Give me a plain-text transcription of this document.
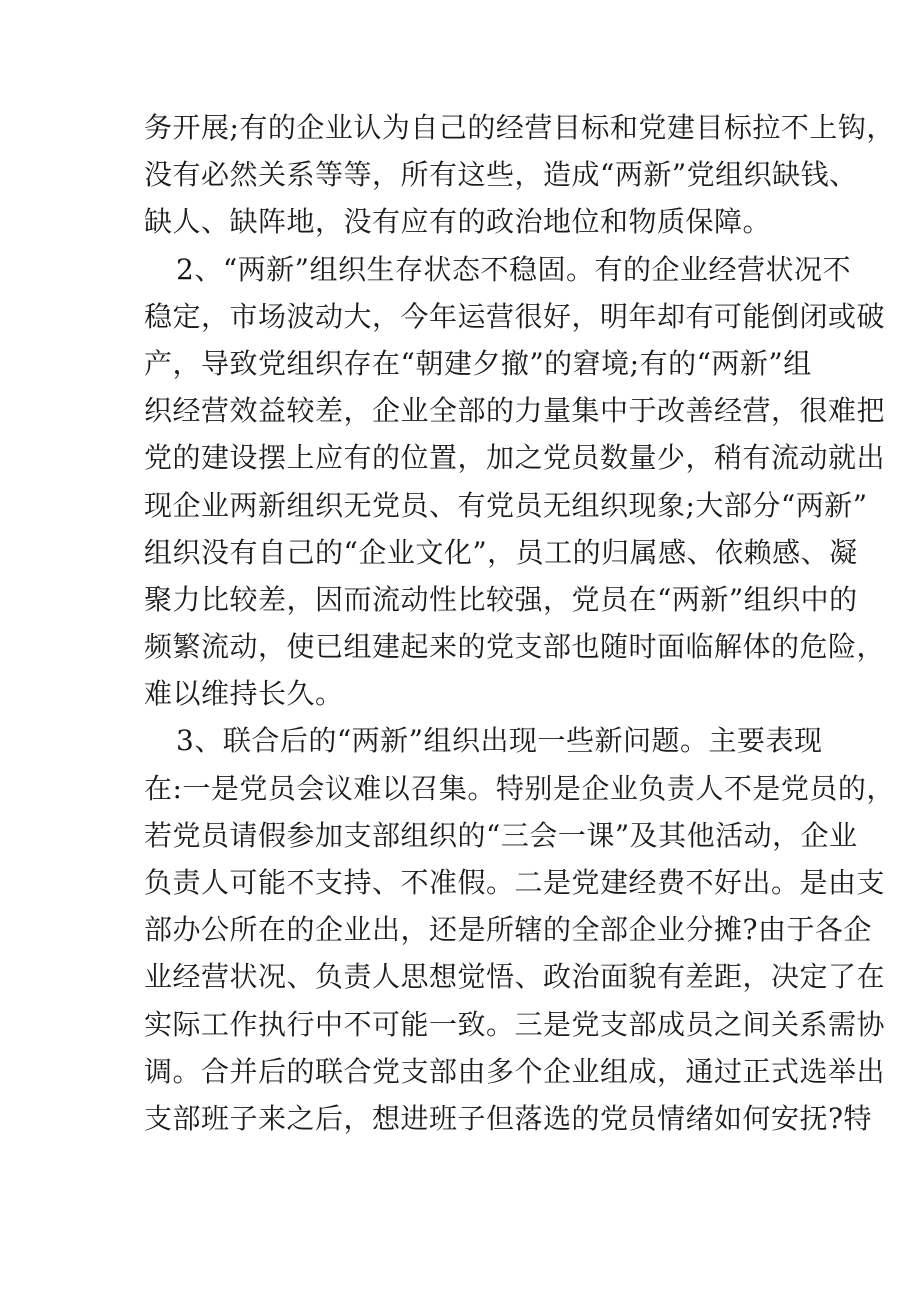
务开展;有的企业认为自己的经营目标和党建目标拉不上钩，
没有必然关系等等，所有这些，造成“两新”党组织缺钱、
缺人、缺阵地，没有应有的政治地位和物质保障。
2、“两新”组织生存状态不稳固。有的企业经营状况不
稳定，市场波动大，今年运营很好，明年却有可能倒闭或破
产，导致党组织存在“朝建夕撤”的窘境;有的“两新”组
织经营效益较差，企业全部的力量集中于改善经营，很难把
党的建设摆上应有的位置，加之党员数量少，稍有流动就出
现企业两新组织无党员、有党员无组织现象;大部分“两新”
组织没有自己的“企业文化”，员工的归属感、依赖感、凝
聚力比较差，因而流动性比较强，党员在“两新”组织中的
频繁流动，使已组建起来的党支部也随时面临解体的危险，
难以维持长久。
3、联合后的“两新”组织出现一些新问题。主要表现
在:一是党员会议难以召集。特别是企业负责人不是党员的，
若党员请假参加支部组织的“三会一课”及其他活动，企业
负责人可能不支持、不准假。二是党建经费不好出。是由支
部办公所在的企业出，还是所辖的全部企业分摊?由于各企
业经营状况、负责人思想觉悟、政治面貌有差距，决定了在
实际工作执行中不可能一致。三是党支部成员之间关系需协
调。合并后的联合党支部由多个企业组成，通过正式选举出
支部班子来之后，想进班子但落选的党员情绪如何安抚?特
